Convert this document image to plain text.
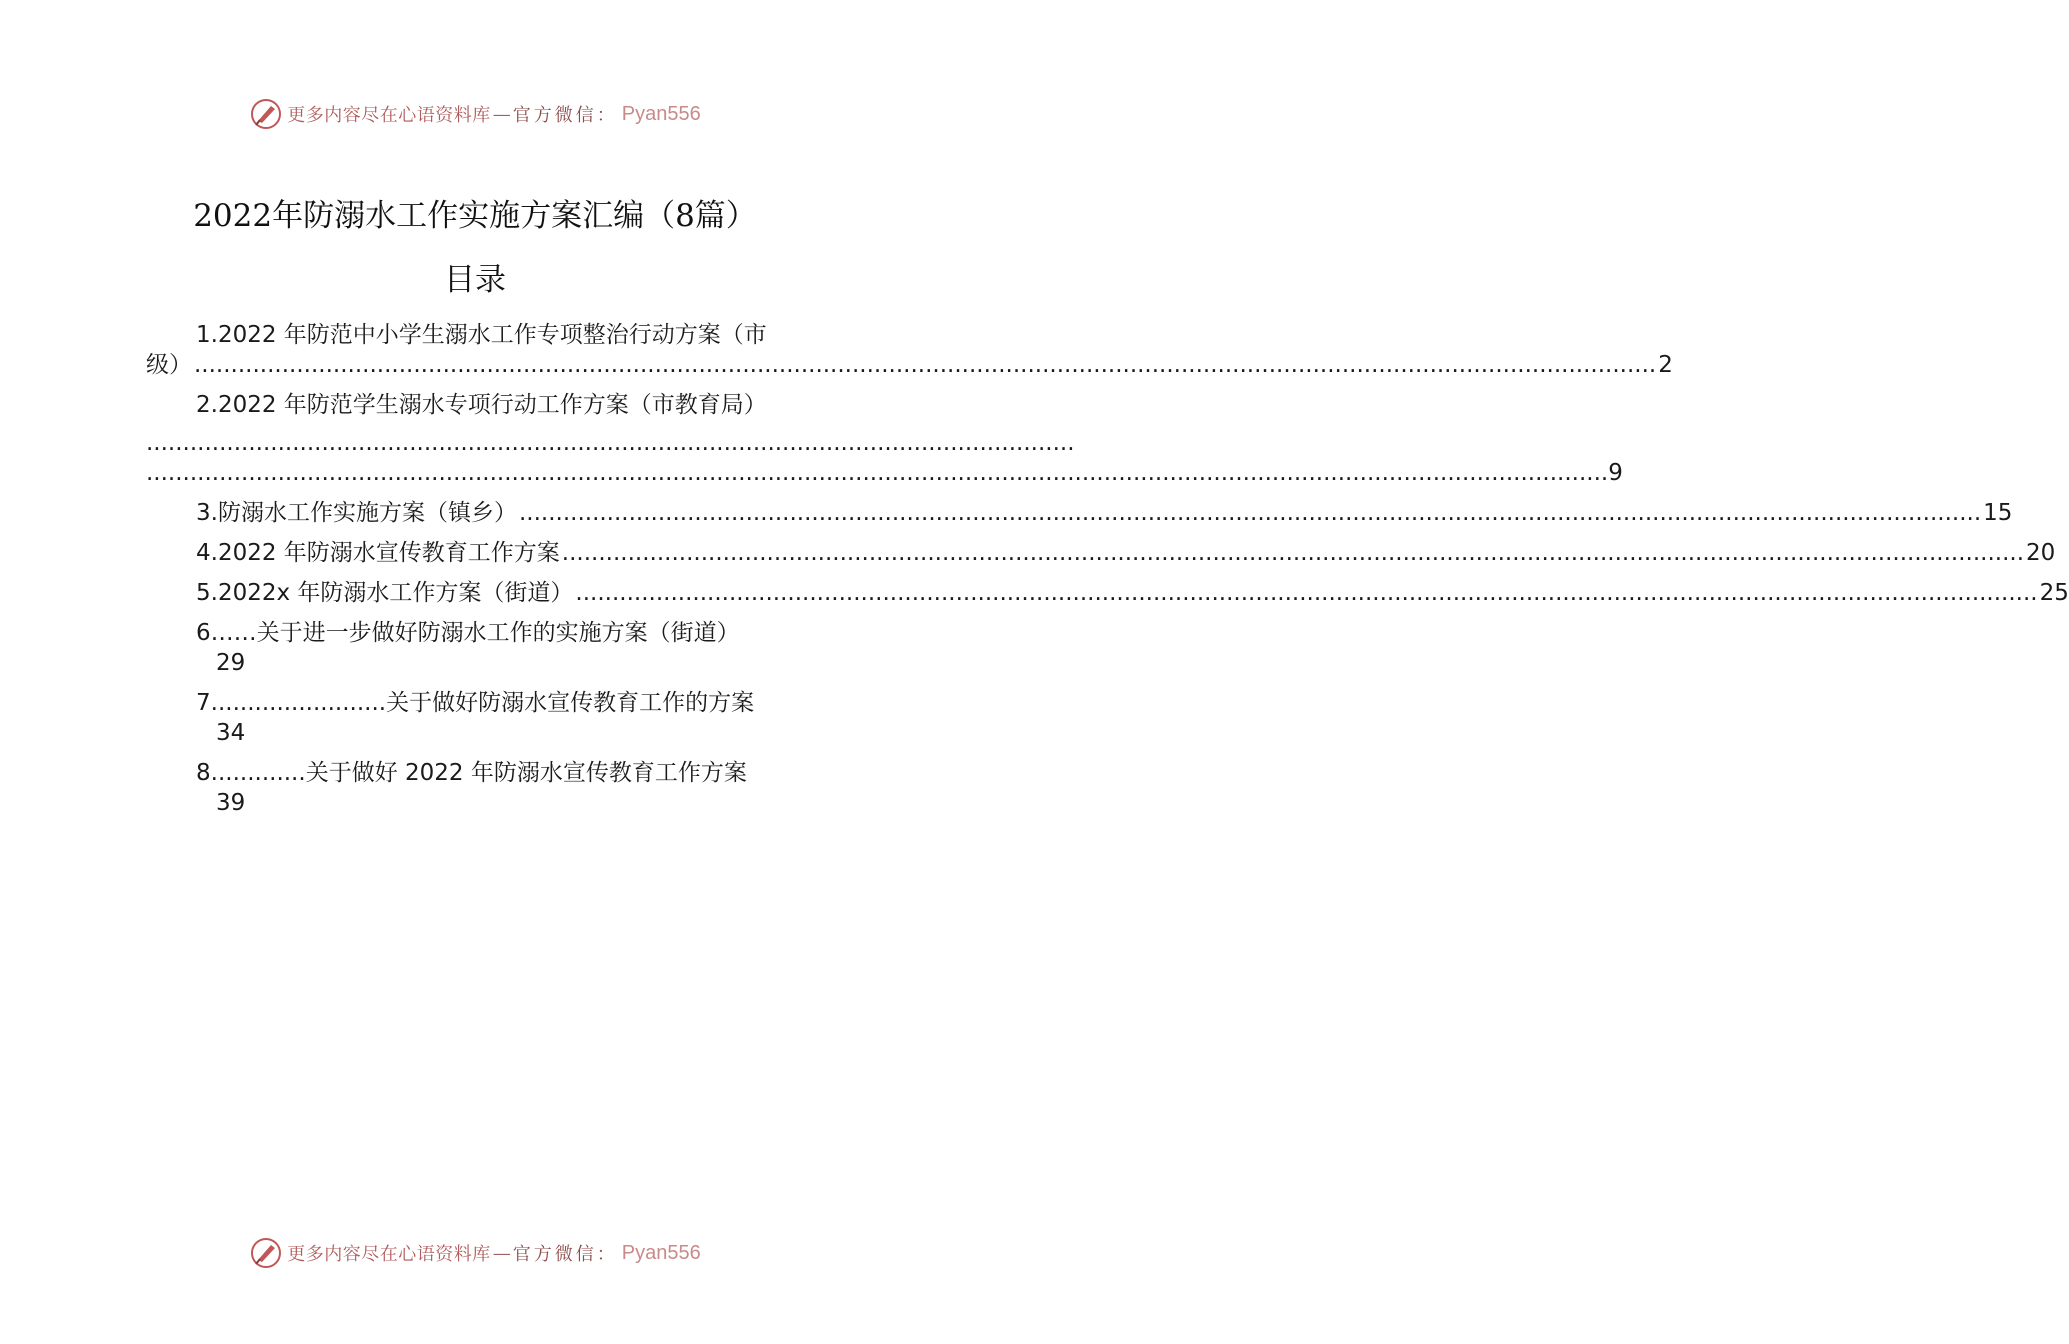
更多内容尽在心语资料库 — 官方微信： Pyan556
2022年防溺水工作实施方案汇编（8篇）
目录
1.2022 年防范中小学生溺水工作专项整治行动方案（市
级） .....	2
2.2022 年防范学生溺水专项行动工作方案（市教育局）
...............................................................................................................................
.....
9
3.防溺水工作实施方案（镇乡） .....	15
4.2022 年防溺水宣传教育工作方案 .....	20
5.2022x 年防溺水工作方案（街道） .....	25
6……关于进一步做好防溺水工作的实施方案（街道）
29
7........................关于做好防溺水宣传教育工作的方案
34
8.............关于做好 2022 年防溺水宣传教育工作方案
39
更多内容尽在心语资料库 — 官方微信： Pyan556
